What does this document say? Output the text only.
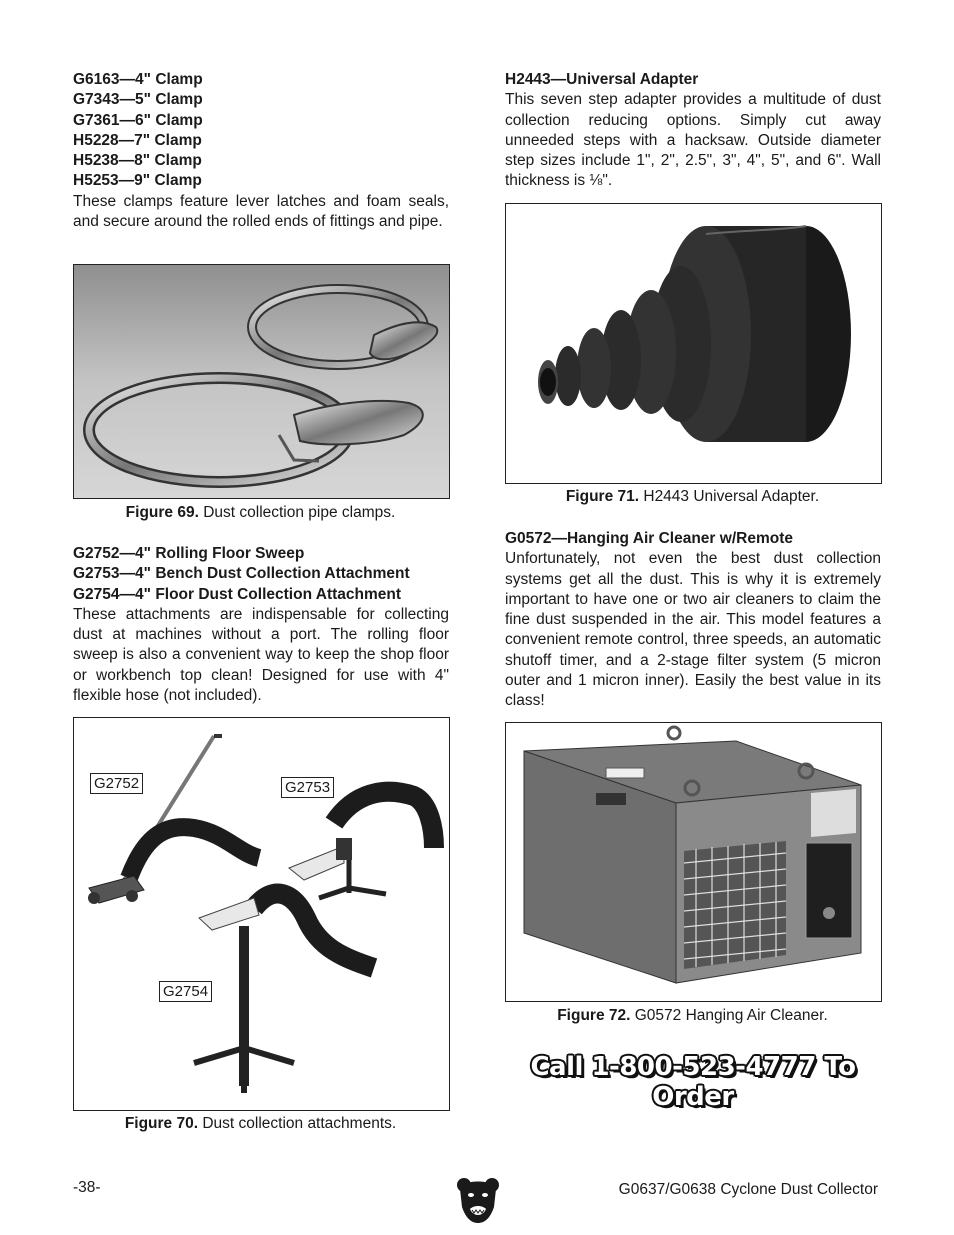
G6163—4" Clamp
G7343—5" Clamp
G7361—6" Clamp
H5228—7" Clamp
H5238—8" Clamp
H5253—9" Clamp
These clamps feature lever latches and foam seals, and secure around the rolled ends of fittings and pipe.
Figure 69. Dust collection pipe clamps.
G2752—4" Rolling Floor Sweep
G2753—4" Bench Dust Collection Attachment
G2754—4" Floor Dust Collection Attachment
These attachments are indispensable for collecting dust at machines without a port. The rolling floor sweep is also a convenient way to keep the shop floor or workbench top clean! Designed for use with 4" flexible hose (not included).
G2752	G2753
G2754
Figure 70. Dust collection attachments.
H2443—Universal Adapter
This seven step adapter provides a multitude of dust collection reducing options. Simply cut away unneeded steps with a hacksaw. Outside diameter step sizes include 1", 2", 2.5", 3", 4", 5", and 6". Wall thickness is ⅛".
Figure 71. H2443 Universal Adapter.
G0572—Hanging Air Cleaner w/Remote
Unfortunately, not even the best dust collection systems get all the dust. This is why it is extremely important to have one or two air cleaners to claim the fine dust suspended in the air. This model features a convenient remote control, three speeds, an automatic shutoff timer, and a 2-stage filter system (5 micron outer and 1 micron inner). Easily the best value in its class!
Figure 72. G0572 Hanging Air Cleaner.
Call 1-800-523-4777 To Order
-38-	G0637/G0638 Cyclone Dust Collector
